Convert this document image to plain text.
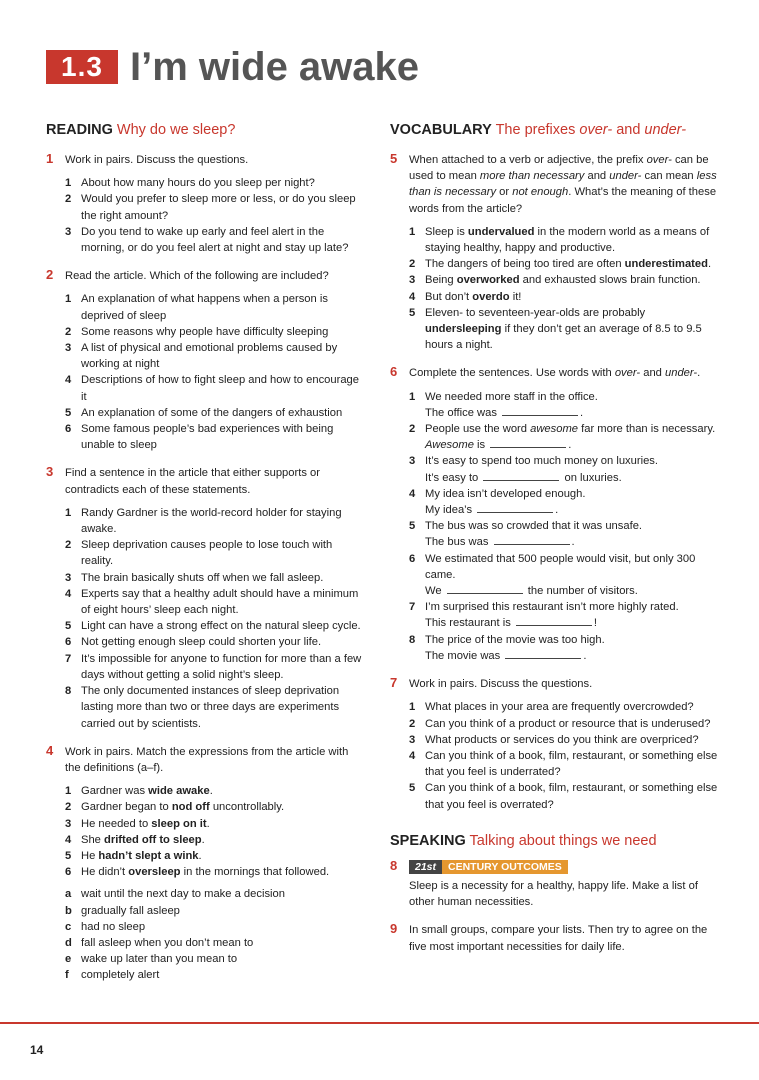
1.3 I’m wide awake
READING Why do we sleep?
1 Work in pairs. Discuss the questions.
1 About how many hours do you sleep per night?
2 Would you prefer to sleep more or less, or do you sleep the right amount?
3 Do you tend to wake up early and feel alert in the morning, or do you feel alert at night and stay up late?
2 Read the article. Which of the following are included?
1 An explanation of what happens when a person is deprived of sleep
2 Some reasons why people have difficulty sleeping
3 A list of physical and emotional problems caused by working at night
4 Descriptions of how to fight sleep and how to encourage it
5 An explanation of some of the dangers of exhaustion
6 Some famous people’s bad experiences with being unable to sleep
3 Find a sentence in the article that either supports or contradicts each of these statements.
1 Randy Gardner is the world-record holder for staying awake.
2 Sleep deprivation causes people to lose touch with reality.
3 The brain basically shuts off when we fall asleep.
4 Experts say that a healthy adult should have a minimum of eight hours’ sleep each night.
5 Light can have a strong effect on the natural sleep cycle.
6 Not getting enough sleep could shorten your life.
7 It’s impossible for anyone to function for more than a few days without getting a solid night’s sleep.
8 The only documented instances of sleep deprivation lasting more than two or three days are experiments carried out by scientists.
4 Work in pairs. Match the expressions from the article with the definitions (a–f).
1 Gardner was wide awake.
2 Gardner began to nod off uncontrollably.
3 He needed to sleep on it.
4 She drifted off to sleep.
5 He hadn’t slept a wink.
6 He didn’t oversleep in the mornings that followed.
a wait until the next day to make a decision
b gradually fall asleep
c had no sleep
d fall asleep when you don’t mean to
e wake up later than you mean to
f completely alert
VOCABULARY The prefixes over- and under-
5 When attached to a verb or adjective, the prefix over- can be used to mean more than necessary and under- can mean less than is necessary or not enough. What’s the meaning of these words from the article?
1 Sleep is undervalued in the modern world as a means of staying healthy, happy and productive.
2 The dangers of being too tired are often underestimated.
3 Being overworked and exhausted slows brain function.
4 But don’t overdo it!
5 Eleven- to seventeen-year-olds are probably undersleeping if they don’t get an average of 8.5 to 9.5 hours a night.
6 Complete the sentences. Use words with over- and under-.
1 We needed more staff in the office.
The office was	.
2 People use the word awesome far more than is necessary.
Awesome is	.
3 It’s easy to spend too much money on luxuries.
It’s easy to	on luxuries.
4 My idea isn’t developed enough.
My idea’s	.
5 The bus was so crowded that it was unsafe.
The bus was	.
6 We estimated that 500 people would visit, but only 300 came.
We	the number of visitors.
7 I’m surprised this restaurant isn’t more highly rated.
This restaurant is	!
8 The price of the movie was too high.
The movie was	.
7 Work in pairs. Discuss the questions.
1 What places in your area are frequently overcrowded?
2 Can you think of a product or resource that is underused?
3 What products or services do you think are overpriced?
4 Can you think of a book, film, restaurant, or something else that you feel is underrated?
5 Can you think of a book, film, restaurant, or something else that you feel is overrated?
SPEAKING Talking about things we need
8 21st CENTURY OUTCOMES
Sleep is a necessity for a healthy, happy life. Make a list of other human necessities.
9 In small groups, compare your lists. Then try to agree on the five most important necessities for daily life.
14
